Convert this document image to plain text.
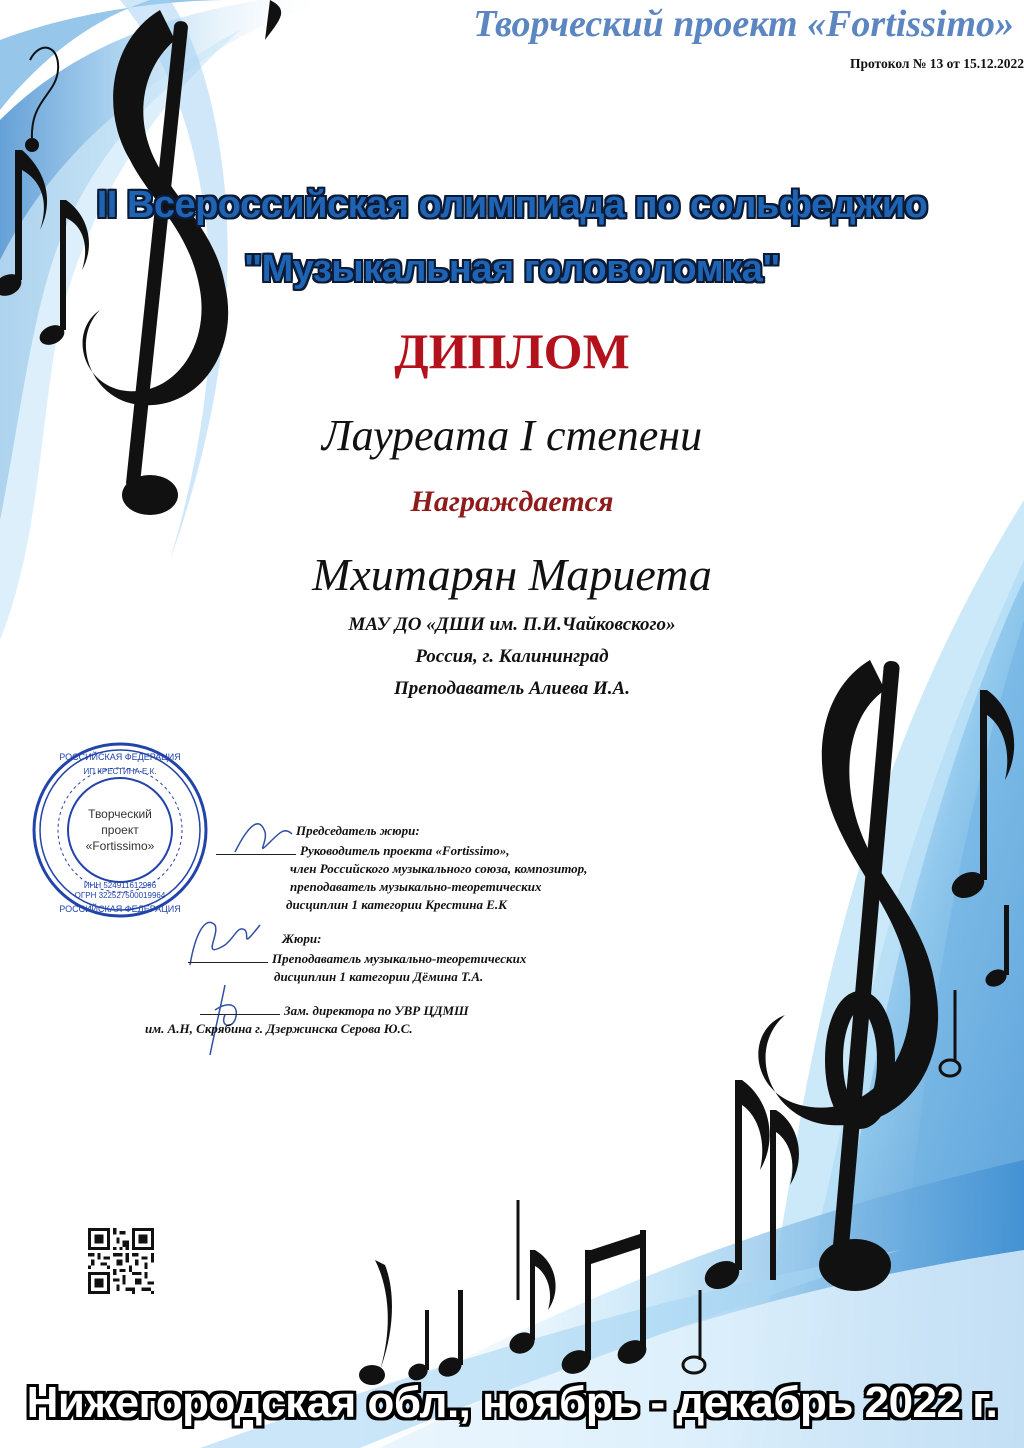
Творческий проект «Fortissimo»
Протокол № 13 от 15.12.2022
II Всероссийская олимпиада по сольфеджио
"Музыкальная головоломка"
ДИПЛОМ
Лауреата I степени
Награждается
Мхитарян Мариета
МАУ ДО «ДШИ им. П.И.Чайковского»
Россия, г. Калининград
Преподаватель Алиева И.А.
РОССИЙСКАЯ ФЕДЕРАЦИЯ
РОССИЙСКАЯ ФЕДЕРАЦИЯ
ИП КРЕСТИНА Е.К.
Творческий
проект
«Fortissimo»
ИНН 524911612996
ОГРН 322527500019964
Председатель жюри:
Руководитель проекта «Fortissimo»,
член Российского музыкального союза, композитор,
преподаватель музыкально-теоретических
дисциплин 1 категории Крестина Е.К
Жюри:
Преподаватель музыкально-теоретических
дисциплин 1 категории Дёмина Т.А.
Зам. директора по УВР ЦДМШ
им. А.Н, Скрябина г. Дзержинска Серова Ю.С.
Нижегородская обл., ноябрь - декабрь 2022 г.
